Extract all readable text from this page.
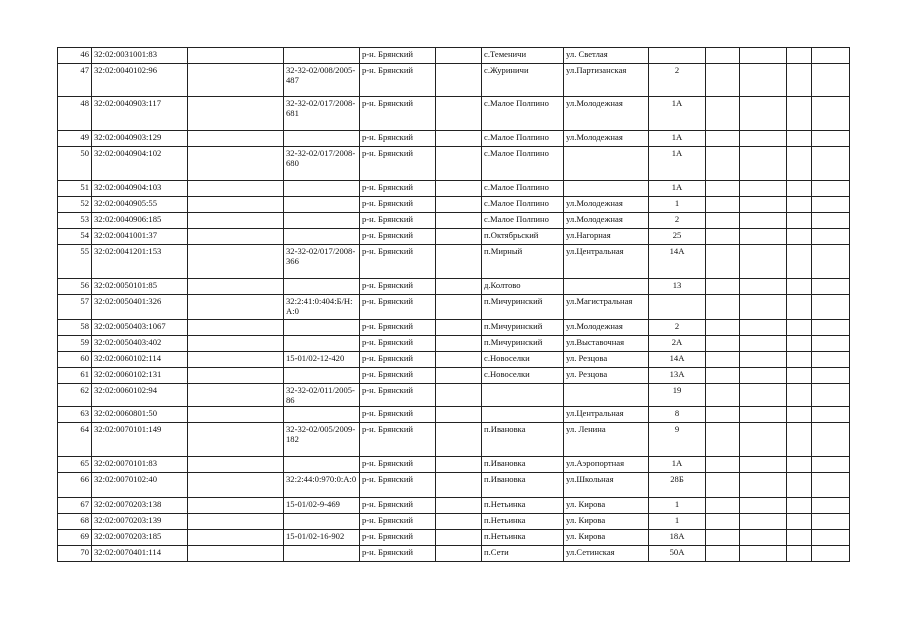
46	32:02:0031001:83			р-н. Брянский		с.Теменичи	ул. Светлая					
47	32:02:0040102:96		32-32-02/008/2005-487	р-н. Брянский		с.Журиничи	ул.Партизанская	2				
48	32:02:0040903:117		32-32-02/017/2008-681	р-н. Брянский		с.Малое Полпино	ул.Молодежная	1А				
49	32:02:0040903:129			р-н. Брянский		с.Малое Полпино	ул.Молодежная	1А				
50	32:02:0040904:102		32-32-02/017/2008-680	р-н. Брянский		с.Малое Полпино		1А				
51	32:02:0040904:103			р-н. Брянский		с.Малое Полпино		1А				
52	32:02:0040905:55			р-н. Брянский		с.Малое Полпино	ул.Молодежная	1				
53	32:02:0040906:185			р-н. Брянский		с.Малое Полпино	ул.Молодежная	2				
54	32:02:0041001:37			р-н. Брянский		п.Октябрьский	ул.Нагорная	25				
55	32:02:0041201:153		32-32-02/017/2008-366	р-н. Брянский		п.Мирный	ул.Центральная	14А				
56	32:02:0050101:85			р-н. Брянский		д.Колтово		13				
57	32:02:0050401:326		32:2:41:0:404:Б/Н:А:0	р-н. Брянский		п.Мичуринский	ул.Магистральная					
58	32:02:0050403:1067			р-н. Брянский		п.Мичуринский	ул.Молодежная	2				
59	32:02:0050403:402			р-н. Брянский		п.Мичуринский	ул.Выставочная	2А				
60	32:02:0060102:114		15-01/02-12-420	р-н. Брянский		с.Новоселки	ул. Резцова	14А				
61	32:02:0060102:131			р-н. Брянский		с.Новоселки	ул. Резцова	13А				
62	32:02:0060102:94		32-32-02/011/2005-86	р-н. Брянский				19				
63	32:02:0060801:50			р-н. Брянский			ул.Центральная	8				
64	32:02:0070101:149		32-32-02/005/2009-182	р-н. Брянский		п.Ивановка	ул. Ленина	9				
65	32:02:0070101:83			р-н. Брянский		п.Ивановка	ул.Аэропортная	1А				
66	32:02:0070102:40		32:2:44:0:970:0:А:0	р-н. Брянский		п.Ивановка	ул.Школьная	28Б				
67	32:02:0070203:138		15-01/02-9-469	р-н. Брянский		п.Нетьинка	ул. Кирова	1				
68	32:02:0070203:139			р-н. Брянский		п.Нетьинка	ул. Кирова	1				
69	32:02:0070203:185		15-01/02-16-902	р-н. Брянский		п.Нетьинка	ул. Кирова	18А				
70	32:02:0070401:114			р-н. Брянский		п.Сети	ул.Сетинская	50А				
